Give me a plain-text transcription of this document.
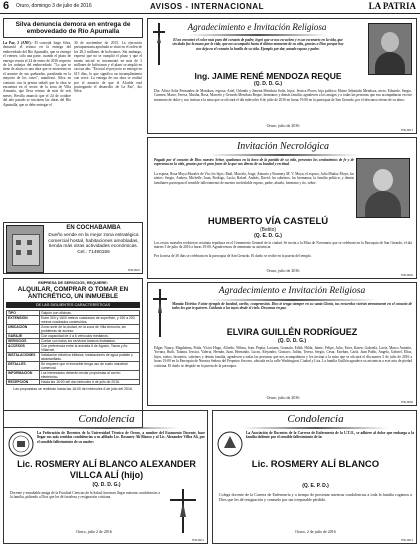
6 Oruro, domingo 3 de julio de 2016	AVISOS - INTERNACIONAL	LA PATRIA
Silva denuncia demora en entrega de embovedado de Río Apumalla
La Paz, 2 (ANF).- El concejal Jorge Silva, denunció el retraso en la entrega del embovedado del Río Apumalla, que se entregó el viernes, sólo una parte, cuando el plazo de entrega vencía el 24 de enero de 2016 respecto de los trabajos del embovedado. "Lo que se tiene de ahora es una obra que se encuentra en el arrastre de sus quebradas, paralizada en la mayoría de los casos", manifestó. Silva en contacto con la prensa señaló que la obra se encuentra en el sector de la zona de Villa Armonía, que lleva retraso de más de seis meses. Revilla anunció que el 24 de octubre del año pasado se iniciaron las obras del Río Apumalla, que se debe entregar el
30 de noviembre de 2015. La ejecución presupuestaria aprobada se situó en el orden de los 28,3 millones de bolivianos. Sin embargo, expresó que no se cumplió el plazo y que el monto inicial se incrementó en más de 3 millones de bolivianos y el plazo se amplió en casi un año. "En total el proyecto se entregó en 615 días, lo que significa un incumplimiento con crece. La entrega de esa obra se realizó por el anuncio de que el Alcalde está postergando el desarrollo de La Paz", dio Silva.
EN COCHABAMBA
Dueño vende en la mejor zona estratégica comercial hostal, habitaciones amobladas, tienda más otras actividades económicas. Cel.: 71490156
87R-6910
EMPRESA DE SERVICIOS, REQUIERE:
ALQUILAR, COMPRAR O TOMAR EN ANTICRÉTICO, UN INMUEBLE
DE LAS SIGUIENTES CARACTERÍSTICAS
TIPO	Galpón con oficinas.
EXTENSIÓN	Entre 300 y 1500 metros cuadrados de superficie, y 150 a 200 metros cuadrados construidos.
UBICACIÓN	Zona norte de la ciudad, en la zona de Villa Armonía, sin problemas de acceso.
GARAJE	Con capacidad de 4 a 6 vehículos medianos.
SERVICIOS	Contar con todos los servicios básicos instalados.
ACCESOS	Con preferencia entre la avenida 6 de Agosto, Tacna y Av. Villarroel.
INSTALACIONES	Instalación eléctrica trifásica, instalaciones de agua potable y alcantarillado.
DETALLES	Se requiere que el inmueble tenga uso de suelo industrial comercial.
INFORMACIÓN	Los interesados deberán enviar propuestas al correo electrónico.
RECEPCIÓN	Hasta las 16:00 del día miércoles 6 de julio de 2016.
Las propuestas se recibirán hasta las 16:00 del miércoles 6 de julio del 2016.
Agradecimiento e Invitación Religiosa
El no encontró el color más puro del corazón de padre, logró que se nos escuchen y es un escenario en la vida, que sin duda fue la mano por la vida, que nos acompañó hasta el último momento de su vida, gracias a Dios porque hoy nos deja en el corazón la huella de su vida. Ejemplo por dar, amado esposo y padre.
Ing. JAIME RENÉ MENDOZA REQUE
(Q. D. D. G.)
Dra. Alicia Soliz Fernandez de Mendoza, esposa; Ariel, Orlando y Jimena Mendoza Soliz, hijos; Jessica Flores, hija política; Mateo Sebastián Mendoza, nieto; Eduardo, Sergio, Carmen, Mario, Teresa, Martha, Rosa, Marcelo y Gerardo Mendoza Reque, hermanos y demás familia; agradecen a los amigos y a todas las personas que nos acompañaron en este momento de dolor y nos invitan a la misa que se oficiará el día miércoles 6 de julio de 2016 en horas 19:00 en la parroquia de San Gerardo, por el descanso eterno de su alma.
Oruro, julio de 2016
87R-6913
Invitación Necrológica
Pagado por el corazón de Dios nuestro Señor, quedamos en la hora de la partida de su vida, presentes los sentimientos de fe y de esperanza en la vida, gracias por el gran favor de la que nos dieron de su bondad y rectitud.
La esposa, Rosa Moya Morales de Vía; los hijos: Raúl, Marcela, Jorge, Antonio y Rosmery M. V. Moya; el esposo, Julio Muñoz Moya; los nietos: Sergio, Andrea, Michelle, Juan, Rodrigo, Lucía; Rafael, Andrés, David; los sobrinos; los hermanos; la familia política; y demás familiares participan el sensible fallecimiento de nuestro inolvidable esposo, padre, abuelo, hermano y tío, señor:
HUMBERTO VÍA CASTELÚ
(Betito)
(Q. E. D. G.)
Los restos mortales recibieron cristiana sepultura en el Cementerio General de la ciudad. Se invita a la Misa de Novenario que se celebrará en la Parroquia de San Gerardo, el día martes 5 de julio de 2016 a horas 19:00. Agradecemos de antemano su asistencia.
Por la misa de 30 días se celebrará en la parroquia de San Gerardo. El duelo se recibe en la puerta del templo.
Oruro, julio de 2016
87R-6902
Agradecimiento e Invitación Religiosa
Mamita Elvirita: Fuiste ejemplo de bondad, cariño, comprensión. Dios te tenga siempre en su santa Gloria, tus recuerdos vivirán eternamente en el corazón de todos los que te quieren. Cuidarás a los tuyos desde el cielo. Descansa en paz.
ELVIRA GUILLÉN RODRÍGUEZ
(Q. D. D. G.)
Edgar, Nancy, Magdalena, Frida, Víctor Hugo, Alfredo, Wilma, Ivan, Pepita, Luciana, Gonzalo, Edith, Hilda, Jaime, Felipe, Julio, Ester, Karen, Gabriela, Lucía, Marco Antonio, Yovana, Ruth, Tatiana, Jessica, Valeria, Hernán, Juan, Hernando, Lucas, Alejandro, Gustavo, Julián, Teresa, Sergio, Cesar, Esteban, Carla, Juan Pablo, Angela, Gabriel, Elías, hijos, nietos, bisnietos, sobrinos y demás familia, agradecen a todas las personas que nos acompañaron y los invitan a la misa que se oficiará el día martes 5 de julio de 2016 a horas 19:00 en la Parroquia de Nuestra Señora del Perpetuo Socorro, ubicada en la calle Washington, Ciudad y Lira. La familia Guillén agradece su asistencia a este acto de piedad cristiana. El duelo se despide en la puerta de la parroquia.
Oruro, julio de 2016
87R-6904
Condolencia
La Federación de Docentes de la Universidad Técnica de Oruro, a nombre del Estamento Docente, hace llegar sus más sentidas condolencias a su afiliado Lic. Rosmery Alí Blanco y al Lic. Alexander Villca Alí, por el sensible fallecimiento de su madre:
Lic. ROSMERY ALÍ BLANCO ALEXANDER VILLCA ALÍ (hijo)
(Q. D. D. G.)
Docente y entrañable amiga de la Facultad Ciencias de la Salud; hacemos llegar nuestras condolencias a la familia, pidiendo a Dios que les dé fortaleza y resignación cristiana.
Oruro, julio 2 de 2016
87R-6912
Condolencia
La Asociación de Docentes de la Carrera de Enfermería de la U.T.O., se adhiere al dolor que embarga a la familia doliente por el sensible fallecimiento de la:
Lic. ROSMERY ALÍ BLANCO
(Q. E. P. D.)
Colega docente de la Carrera de Enfermería y a tiempo de presentar nuestras condolencias a toda la familia rogamos a Dios que les dé resignación y consuelo por tan irreparable pérdida.
Oruro, 2 de julio de 2016
87R-6911
